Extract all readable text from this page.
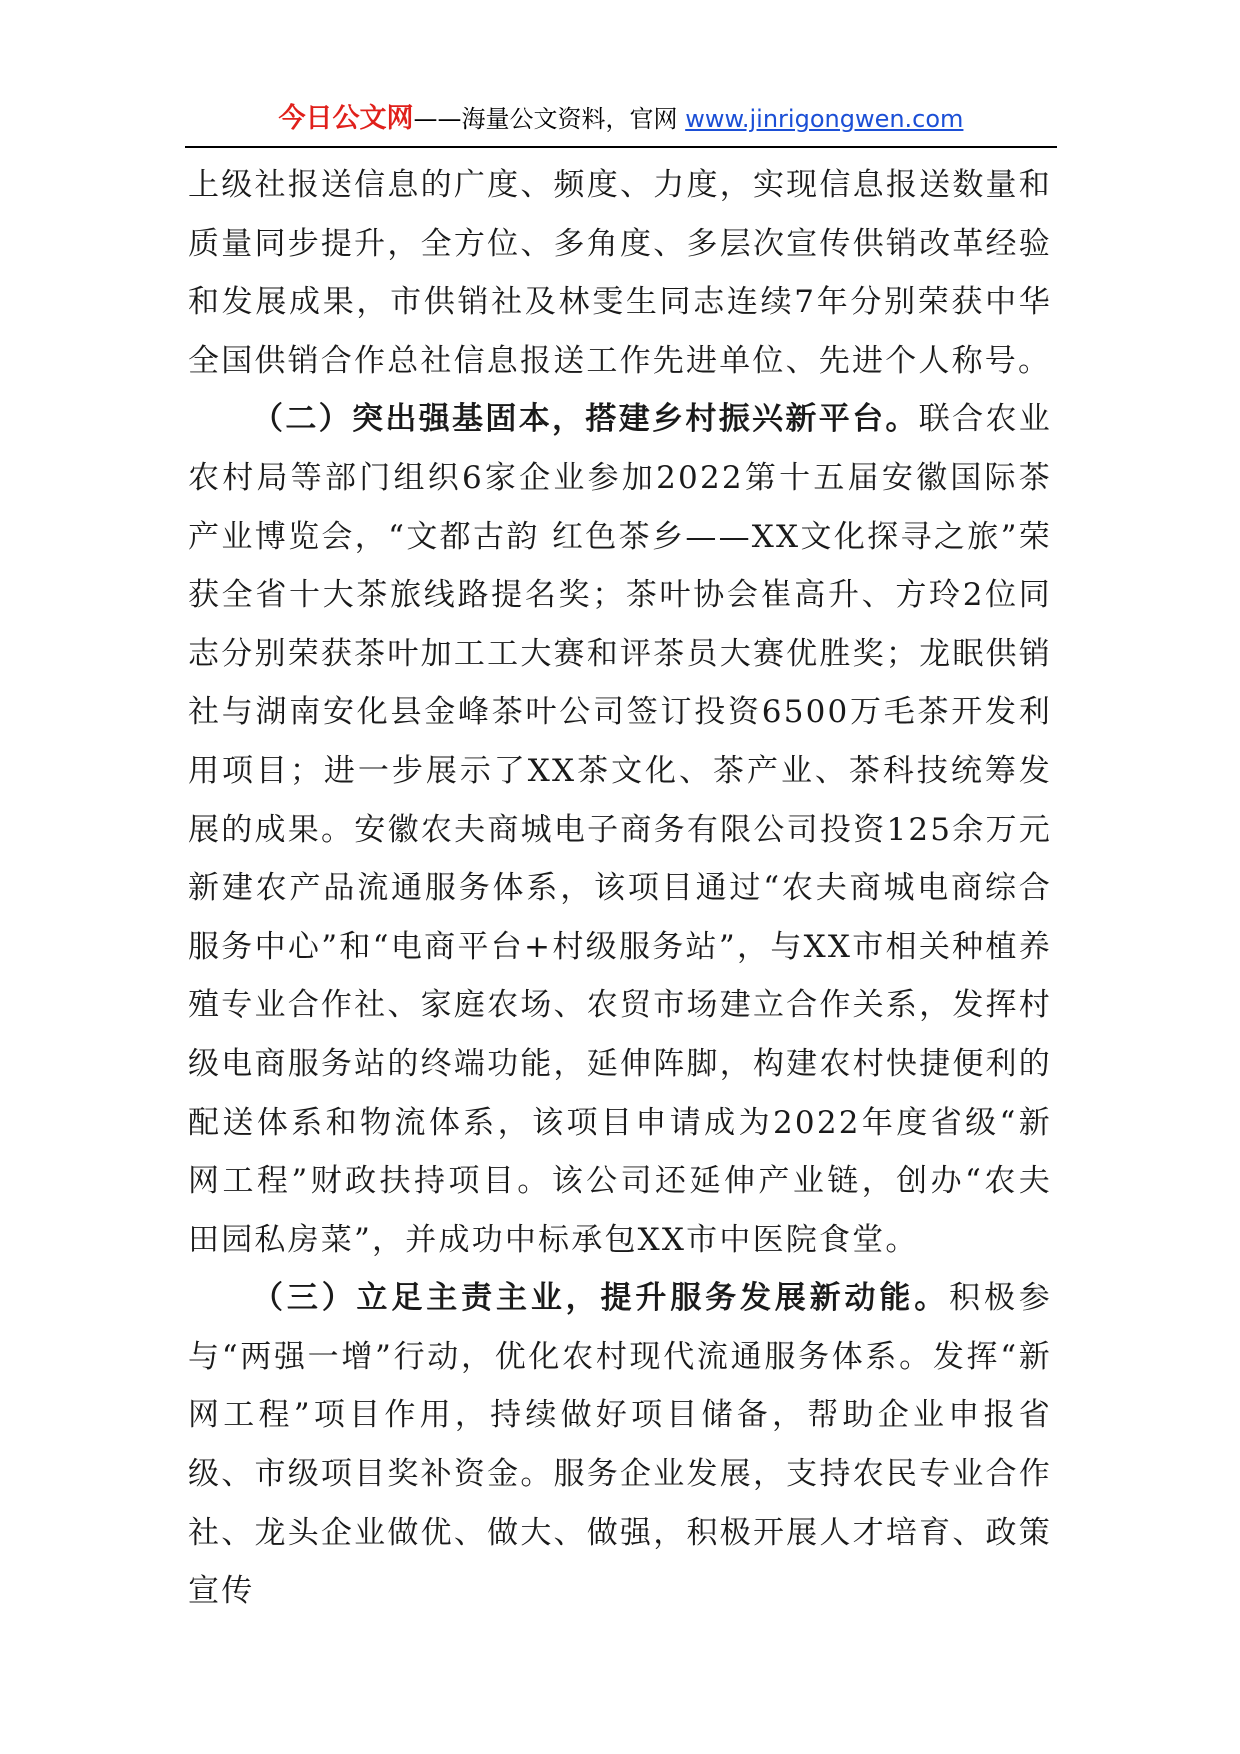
今日公文网——海量公文资料，官网 www.jinrigongwen.com

上级社报送信息的广度、频度、力度，实现信息报送数量和质量同步提升，全方位、多角度、多层次宣传供销改革经验和发展成果，市供销社及林雯生同志连续7年分别荣获中华全国供销合作总社信息报送工作先进单位、先进个人称号。

（二）突出强基固本，搭建乡村振兴新平台。联合农业农村局等部门组织6家企业参加2022第十五届安徽国际茶产业博览会，“文都古韵 红色茶乡——XX文化探寻之旅”荣获全省十大茶旅线路提名奖；茶叶协会崔高升、方玲2位同志分别荣获茶叶加工工大赛和评茶员大赛优胜奖；龙眠供销社与湖南安化县金峰茶叶公司签订投资6500万毛茶开发利用项目；进一步展示了XX茶文化、茶产业、茶科技统筹发展的成果。安徽农夫商城电子商务有限公司投资125余万元新建农产品流通服务体系，该项目通过“农夫商城电商综合服务中心”和“电商平台+村级服务站”，与XX市相关种植养殖专业合作社、家庭农场、农贸市场建立合作关系，发挥村级电商服务站的终端功能，延伸阵脚，构建农村快捷便利的配送体系和物流体系，该项目申请成为2022年度省级“新网工程”财政扶持项目。该公司还延伸产业链，创办“农夫田园私房菜”，并成功中标承包XX市中医院食堂。

（三）立足主责主业，提升服务发展新动能。积极参与“两强一增”行动，优化农村现代流通服务体系。发挥“新网工程”项目作用，持续做好项目储备，帮助企业申报省级、市级项目奖补资金。服务企业发展，支持农民专业合作社、龙头企业做优、做大、做强，积极开展人才培育、政策宣传
